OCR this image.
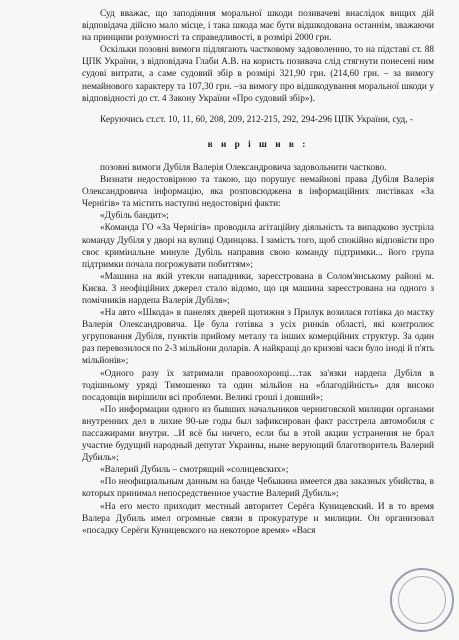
Суд вважає, що заподіяння моральної шкоди позивачеві внаслідок вищих дій відповідача дійсно мало місце, і така шкода має бути відшкодована останнім, зважаючи на принципи розумності та справедливості, в розмірі 2000 грн.

Оскільки позовні вимоги підлягають частковому задоволенню, то на підставі ст. 88 ЦПК України, з відповідача Глаби А.В. на користь позивача слід стягнути понесені ним судові витрати, а саме судовий збір в розмірі 321,90 грн. (214,60 грн. – за вимогу немайнового характеру та 107,30 грн. –за вимогу про відшкодування моральної шкоди у відповідності до ст. 4 Закону України «Про судовий збір»).

Керуючись ст.ст. 10, 11, 60, 208, 209, 212-215, 292, 294-296 ЦПК України, суд, -

в и р і ш и в :

позовні вимоги Дубіля Валерія Олександровича задовольнити частково.

Визнати недостовірною та такою, що порушує немайнові права Дубіля Валерія Олександровича інформацію, яка розповсюджена в інформаційних листівках «За Чернігів» та містить наступні недостовірні факти:

«Дубіль бандит»;

«Команда ГО «За Чернігів» проводила агітаційну діяльність та випадково зустріла команду Дубіля у дворі на вулиці Одинцова. І замість того, щоб спокійно відповісти про своє кримінальне минуле Дубіль направив свою команду підтримки... його група підтримки почала погрожувати побиттям»;

«Машина на якій утекли нападники, зареєстрована в Солом'янському районі м. Києва. З неофіційних джерел стало відомо, що ця машина зареєстрована на одного з помічників нардепа Валерія Дубіля»;

«На авто «Шкода» в панелях дверей щотижня з Прилук возилася готівка до мастку Валерія Олександровича. Це була готівка з усіх ринків області, які контролює угруповання Дубіля, пунктів прийому металу та інших комерційних структур. За один раз перевозилося по 2-3 мільйони доларів. А найкращі до кризові часи було іноді й п'ять мільйонів»;

«Одного разу їх затримали правоохоронці…так за'язки нардепа Дубіля в тодішньому уряді Тимошенко та один мільйон на «благодійність» для високо посадовців вирішили всі проблеми. Великі гроші і довший»;

«По информации одного из бывших начальников черниговской милиции органами внутренних дел в лихие 90-ые годы был зафиксирован факт расстрела автомобиля с пассажирами внутри. ..И всё бы ничего, если бы в этой акции устранения не брал участие будущий народный депутат Украины, ныне верующий благотворитель Валерий Дубиль»;

«Валерий Дубиль – смотрящий «солнцевских»;

«По неофициальным данным на банде Чебыкина имеется два заказных убийства, в которых принимал непосредственное участие Валерий Дубиль»;

«На его место приходит местный авторитет Серёга Куницевский. И в то время Валера Дубиль имел огромные связи в прокуратуре и милиции. Он организовал «посадку Серёги Куницевского на некоторое время» «Вася
